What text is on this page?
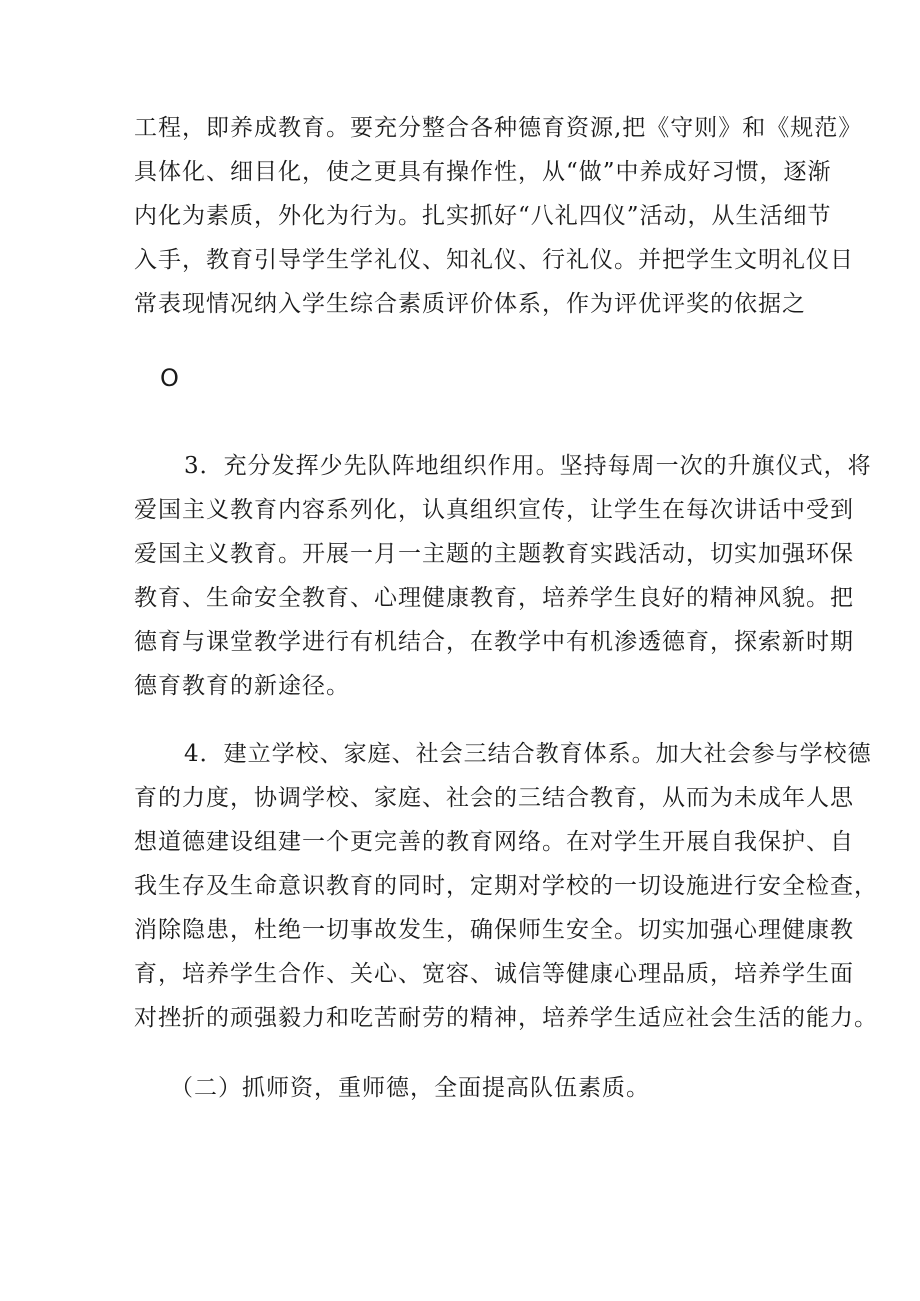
工程，即养成教育。要充分整合各种德育资源,把《守则》和《规范》
具体化、细目化，使之更具有操作性，从“做”中养成好习惯，逐渐
内化为素质，外化为行为。扎实抓好“八礼四仪”活动，从生活细节
入手，教育引导学生学礼仪、知礼仪、行礼仪。并把学生文明礼仪日
常表现情况纳入学生综合素质评价体系，作为评优评奖的依据之
O
3．充分发挥少先队阵地组织作用。坚持每周一次的升旗仪式，将
爱国主义教育内容系列化，认真组织宣传，让学生在每次讲话中受到
爱国主义教育。开展一月一主题的主题教育实践活动，切实加强环保
教育、生命安全教育、心理健康教育，培养学生良好的精神风貌。把
德育与课堂教学进行有机结合，在教学中有机渗透德育，探索新时期
德育教育的新途径。
4．建立学校、家庭、社会三结合教育体系。加大社会参与学校德
育的力度，协调学校、家庭、社会的三结合教育，从而为未成年人思
想道德建设组建一个更完善的教育网络。在对学生开展自我保护、自
我生存及生命意识教育的同时，定期对学校的一切设施进行安全检查，
消除隐患，杜绝一切事故发生，确保师生安全。切实加强心理健康教
育，培养学生合作、关心、宽容、诚信等健康心理品质，培养学生面
对挫折的顽强毅力和吃苦耐劳的精神，培养学生适应社会生活的能力。
（二）抓师资，重师德，全面提高队伍素质。
